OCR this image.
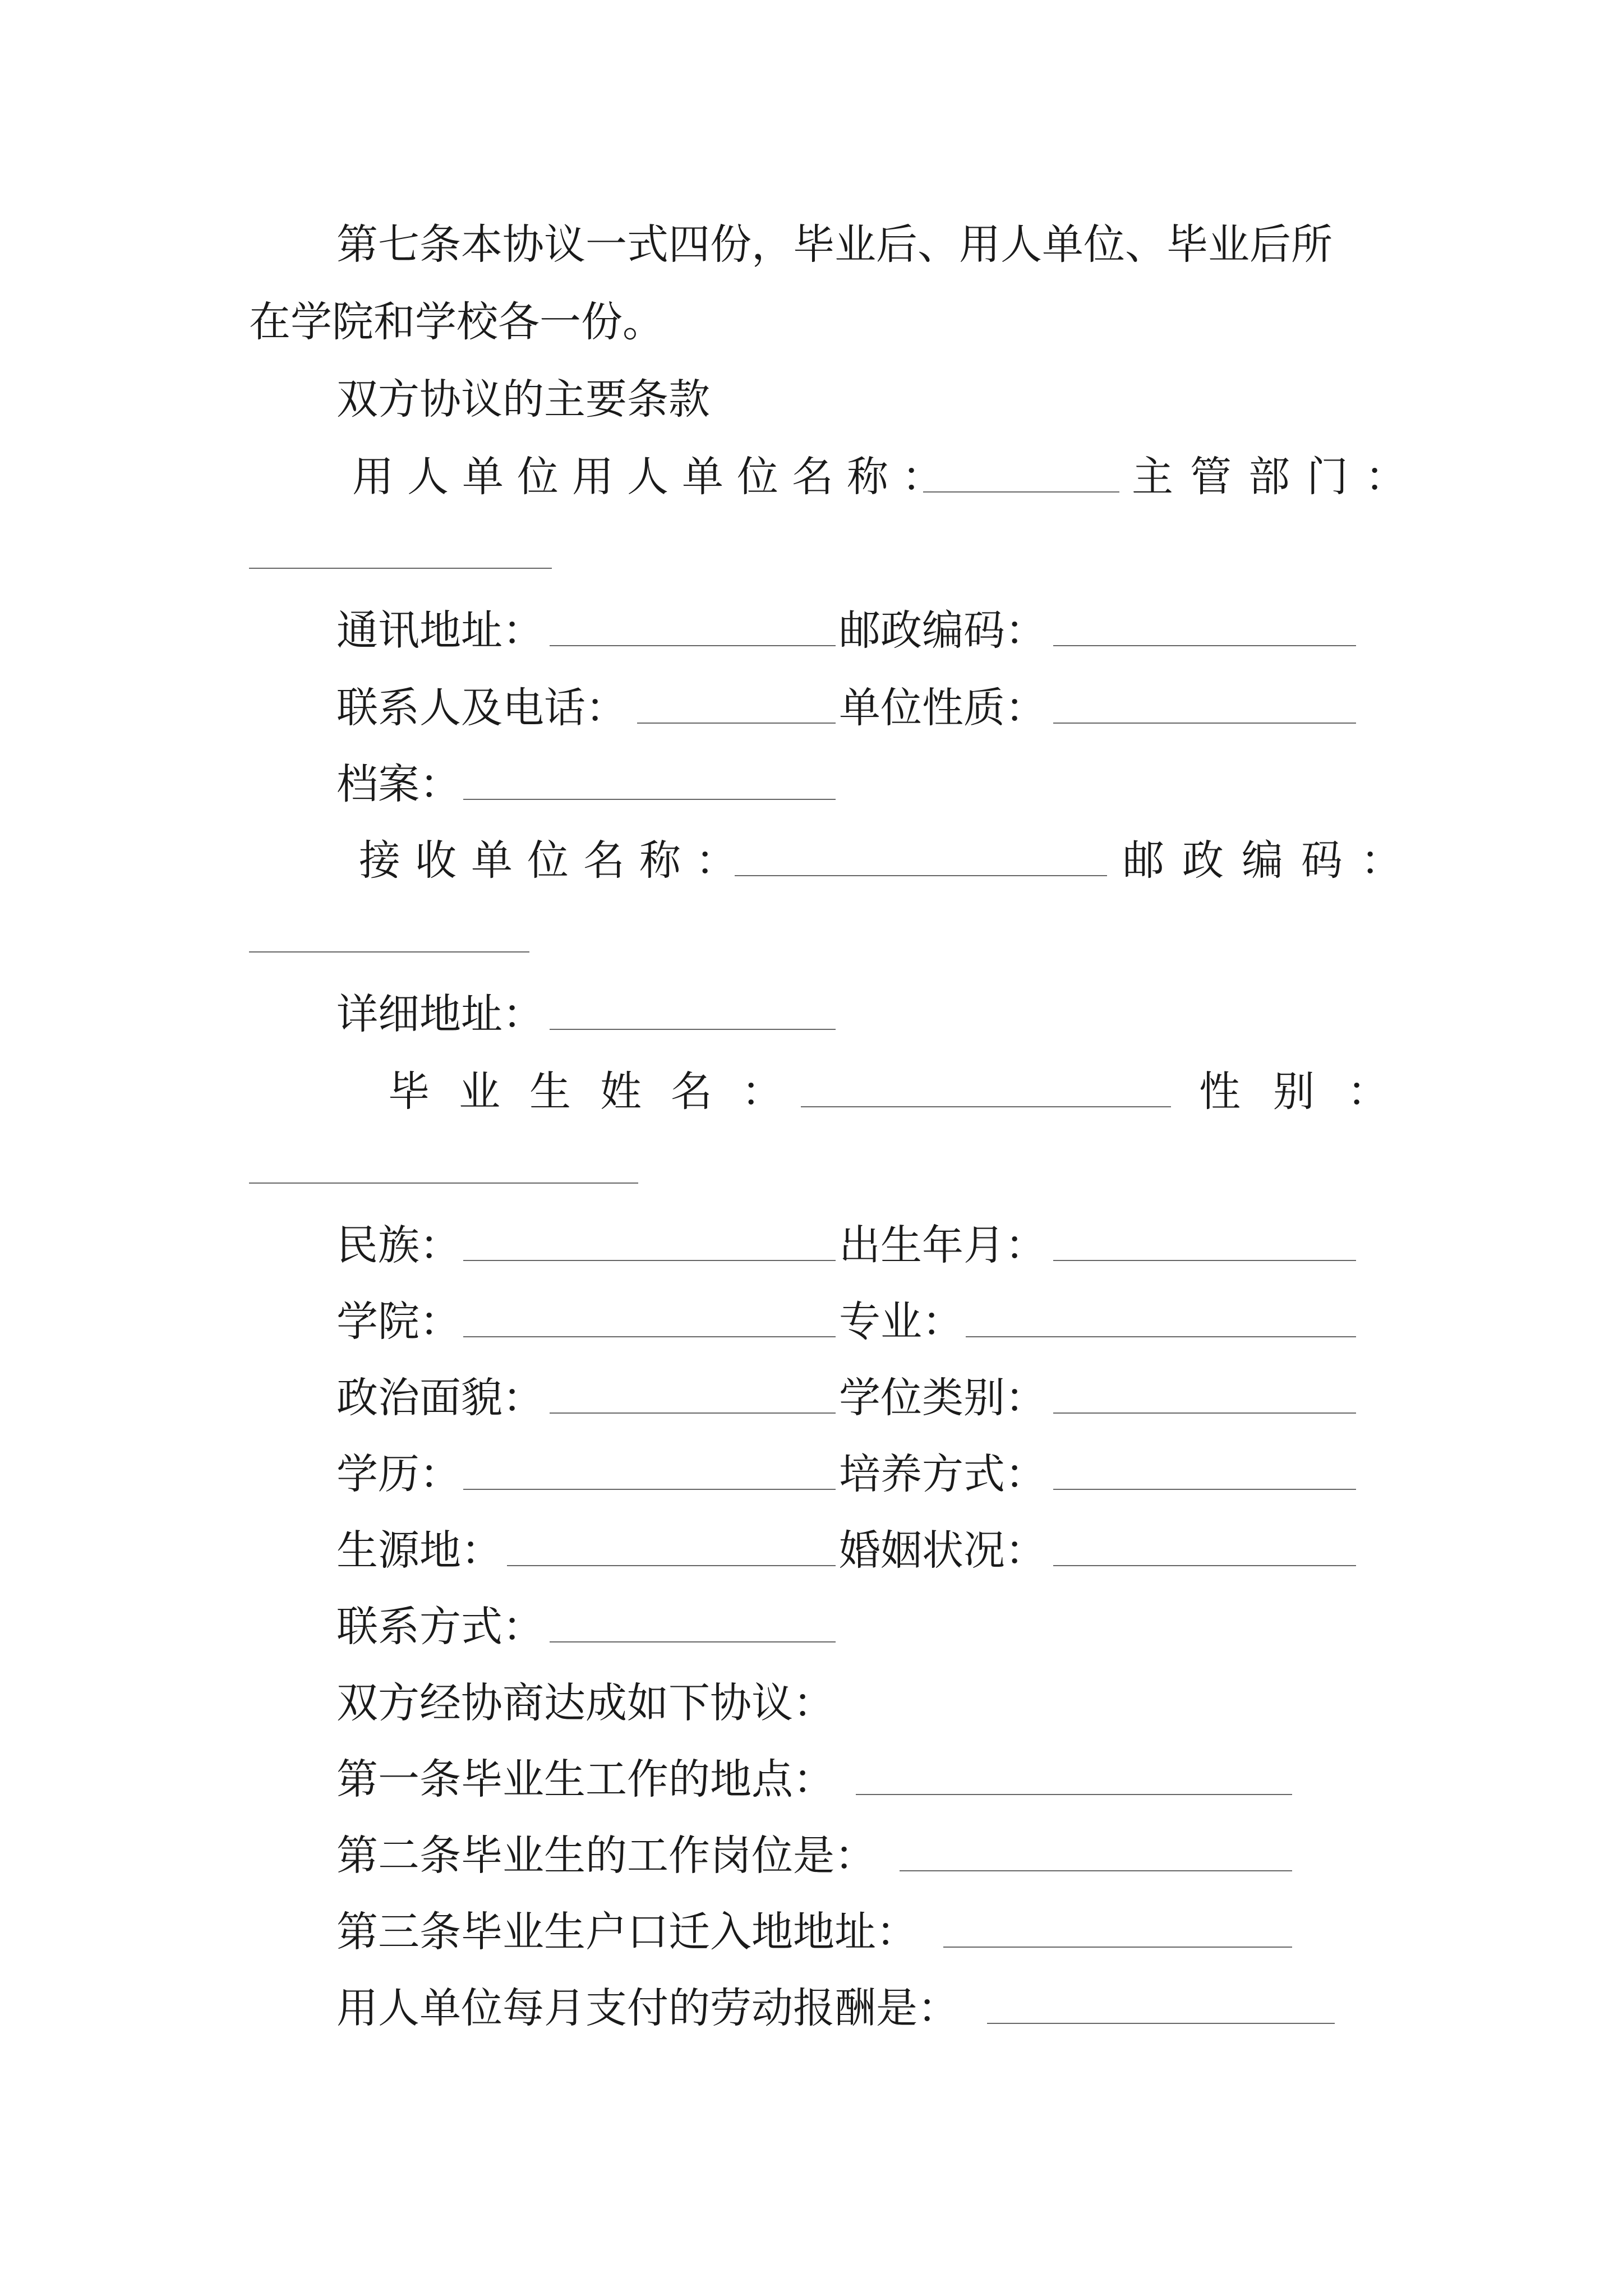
第七条本协议一式四份，毕业后、用人单位、毕业后所
在学院和学校各一份。
双方协议的主要条款
用人单位用人单位名称：	主管部门：
通讯地址：	邮政编码：
联系人及电话：	单位性质：
档案：
接收单位名称：	邮政编码：
详细地址：
毕业生姓名：	性别：
民族：	出生年月：
学院：	专业：
政治面貌：	学位类别：
学历：	培养方式：
生源地：	婚姻状况：
联系方式：
双方经协商达成如下协议：
第一条毕业生工作的地点：
第二条毕业生的工作岗位是：
第三条毕业生户口迁入地地址：
用人单位每月支付的劳动报酬是：
